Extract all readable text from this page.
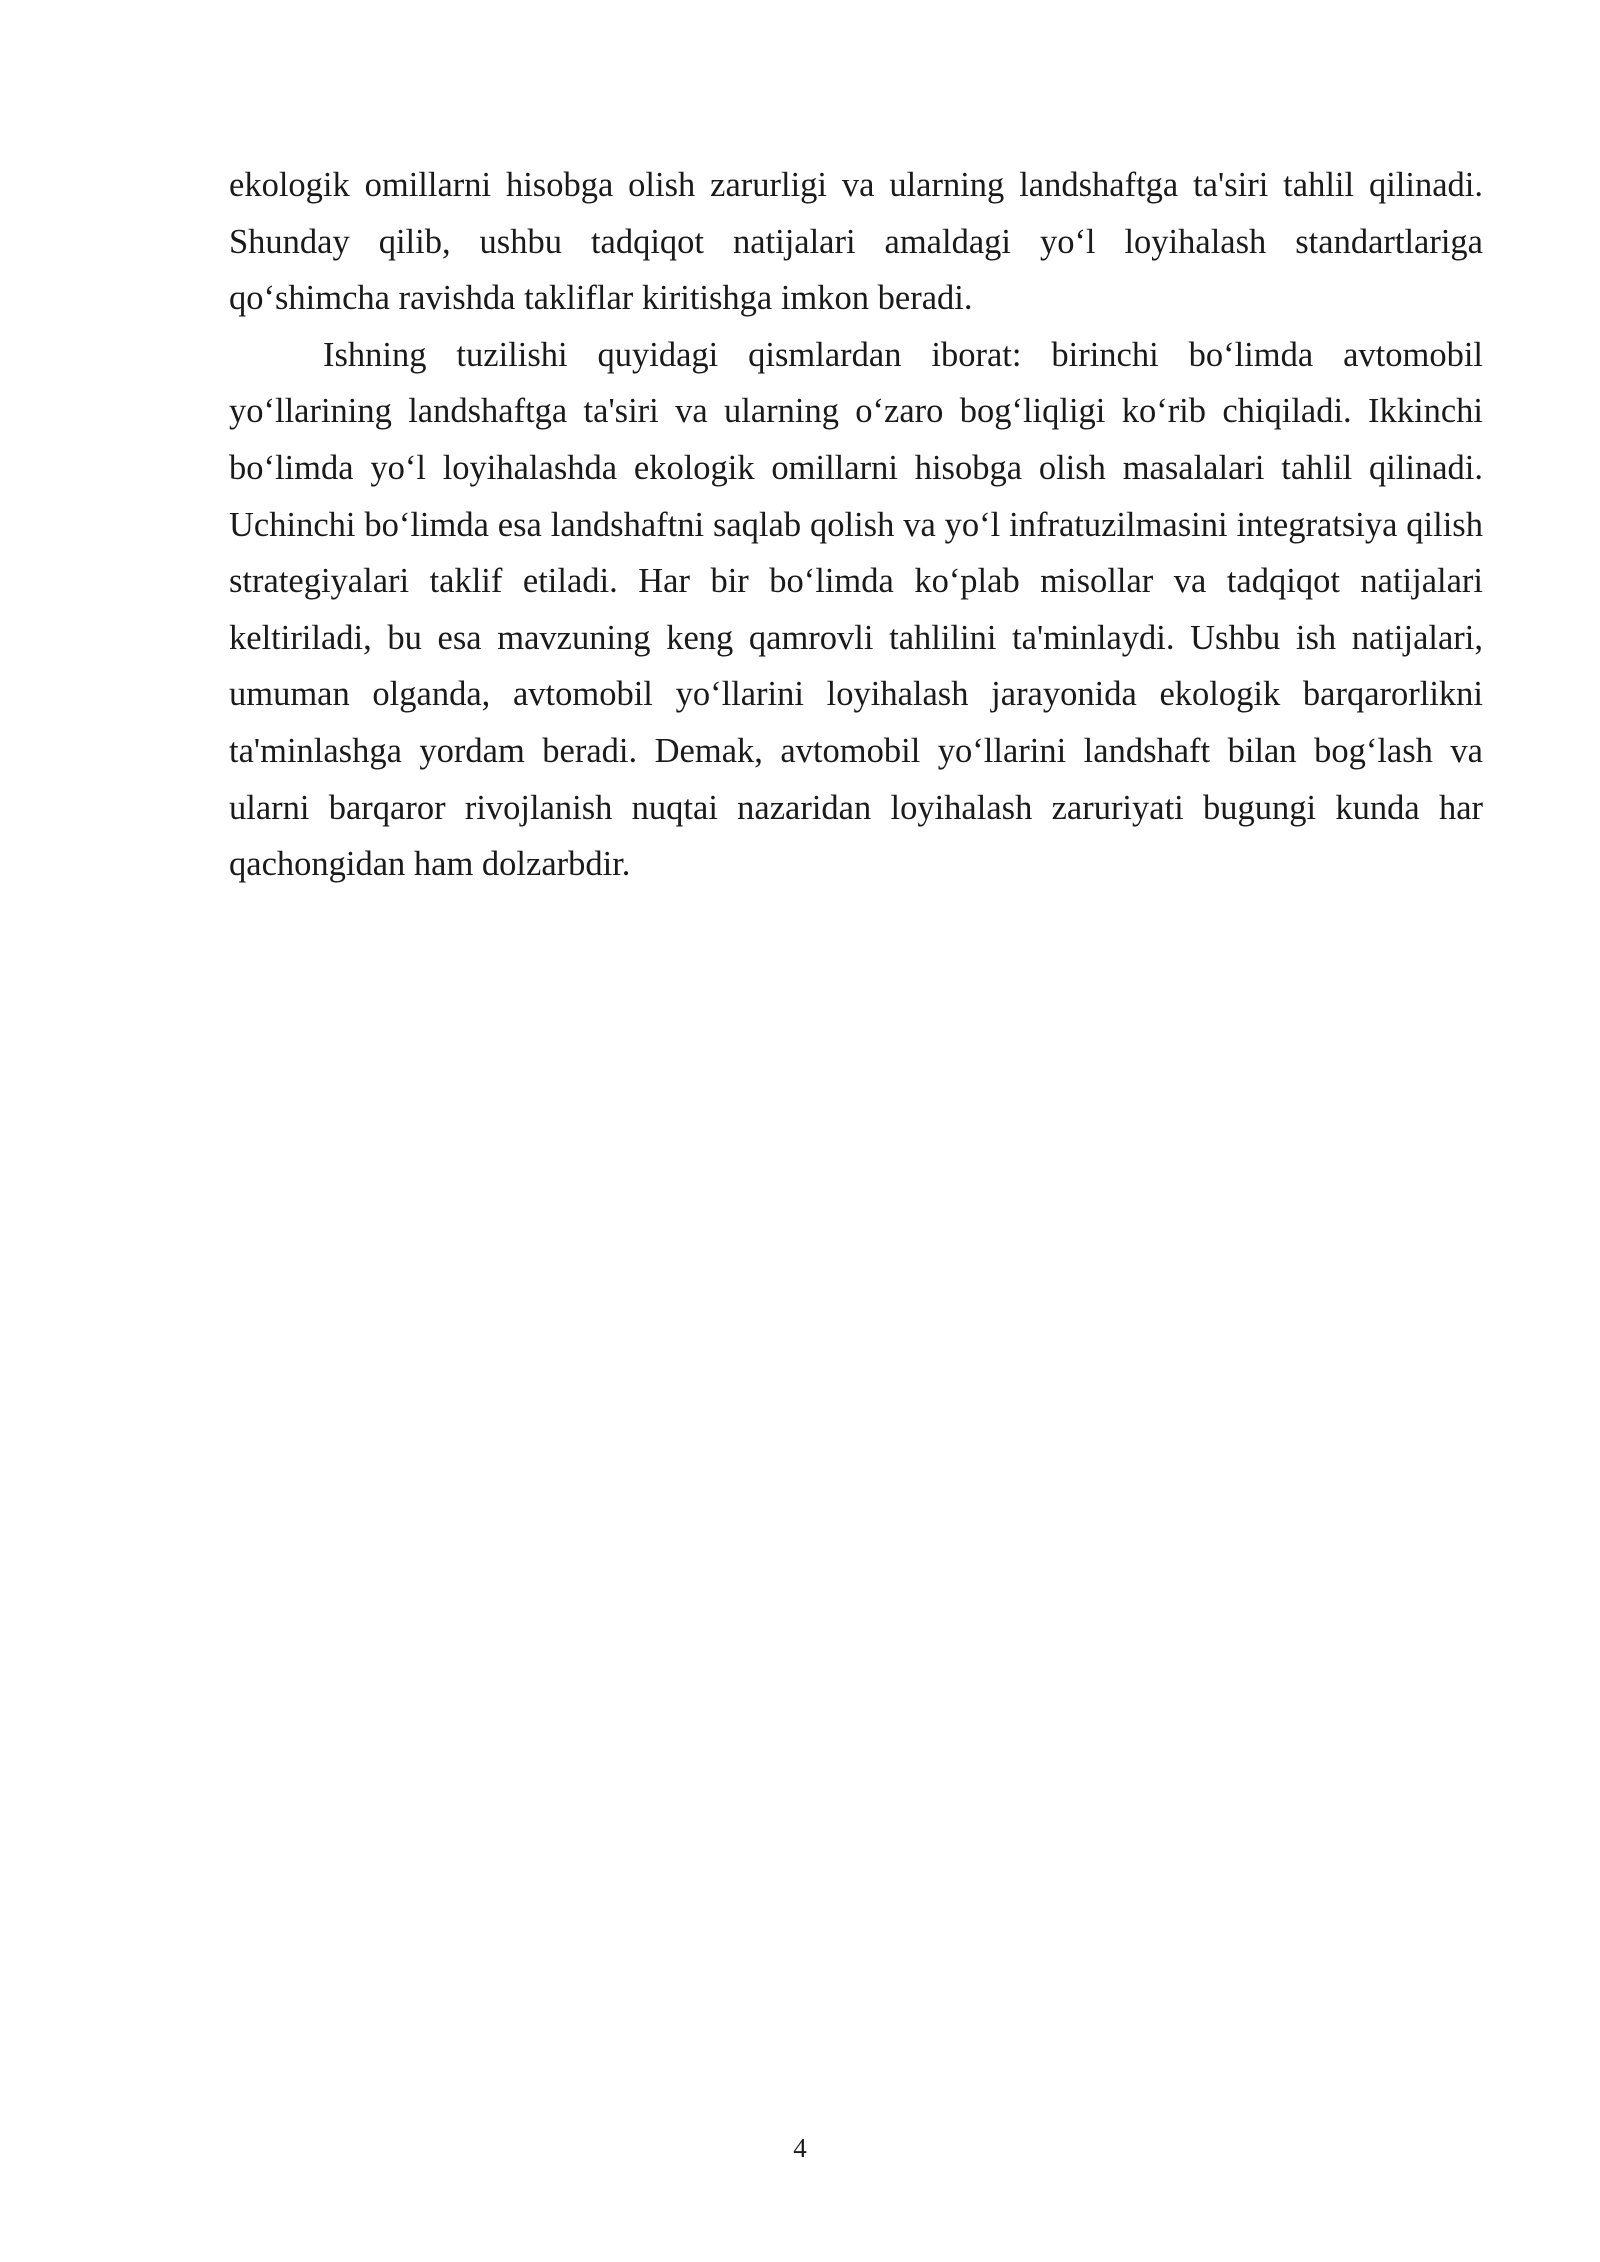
ekologik omillarni hisobga olish zarurligi va ularning landshaftga ta'siri tahlil qilinadi. Shunday qilib, ushbu tadqiqot natijalari amaldagi yo‘l loyihalash standartlariga qo‘shimcha ravishda takliflar kiritishga imkon beradi.

Ishning tuzilishi quyidagi qismlardan iborat: birinchi bo‘limda avtomobil yo‘llarining landshaftga ta'siri va ularning o‘zaro bog‘liqligi ko‘rib chiqiladi. Ikkinchi bo‘limda yo‘l loyihalashda ekologik omillarni hisobga olish masalalari tahlil qilinadi. Uchinchi bo‘limda esa landshaftni saqlab qolish va yo‘l infratuzilmasini integratsiya qilish strategiyalari taklif etiladi. Har bir bo‘limda ko‘plab misollar va tadqiqot natijalari keltiriladi, bu esa mavzuning keng qamrovli tahlilini ta'minlaydi. Ushbu ish natijalari, umuman olganda, avtomobil yo‘llarini loyihalash jarayonida ekologik barqarorlikni ta'minlashga yordam beradi. Demak, avtomobil yo‘llarini landshaft bilan bog‘lash va ularni barqaror rivojlanish nuqtai nazaridan loyihalash zaruriyati bugungi kunda har qachongidan ham dolzarbdir.

4
